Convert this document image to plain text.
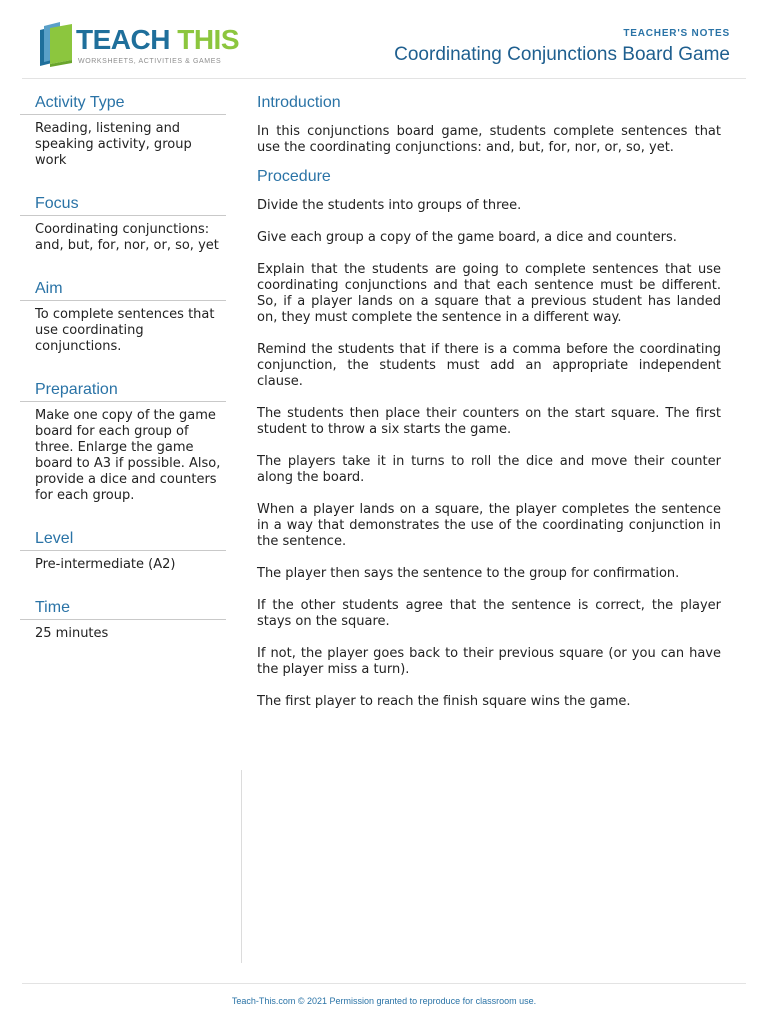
TEACH THIS
WORKSHEETS, ACTIVITIES & GAMES
TEACHER'S NOTES
Coordinating Conjunctions Board Game
Activity Type

Reading, listening and speaking activity, group work

Focus

Coordinating conjunctions: and, but, for, nor, or, so, yet

Aim

To complete sentences that use coordinating conjunctions.

Preparation

Make one copy of the game board for each group of three. Enlarge the game board to A3 if possible. Also, provide a dice and counters for each group.

Level

Pre-intermediate (A2)

Time

25 minutes

Introduction

In this conjunctions board game, students complete sentences that use the coordinating conjunctions: and, but, for, nor, or, so, yet.

Procedure

Divide the students into groups of three.

Give each group a copy of the game board, a dice and counters.

Explain that the students are going to complete sentences that use coordinating conjunctions and that each sentence must be different. So, if a player lands on a square that a previous student has landed on, they must complete the sentence in a different way.

Remind the students that if there is a comma before the coordinating conjunction, the students must add an appropriate independent clause.

The students then place their counters on the start square. The first student to throw a six starts the game.

The players take it in turns to roll the dice and move their counter along the board.

When a player lands on a square, the player completes the sentence in a way that demonstrates the use of the coordinating conjunction in the sentence.

The player then says the sentence to the group for confirmation.

If the other students agree that the sentence is correct, the player stays on the square.

If not, the player goes back to their previous square (or you can have the player miss a turn).

The first player to reach the finish square wins the game.

Teach-This.com © 2021 Permission granted to reproduce for classroom use.
